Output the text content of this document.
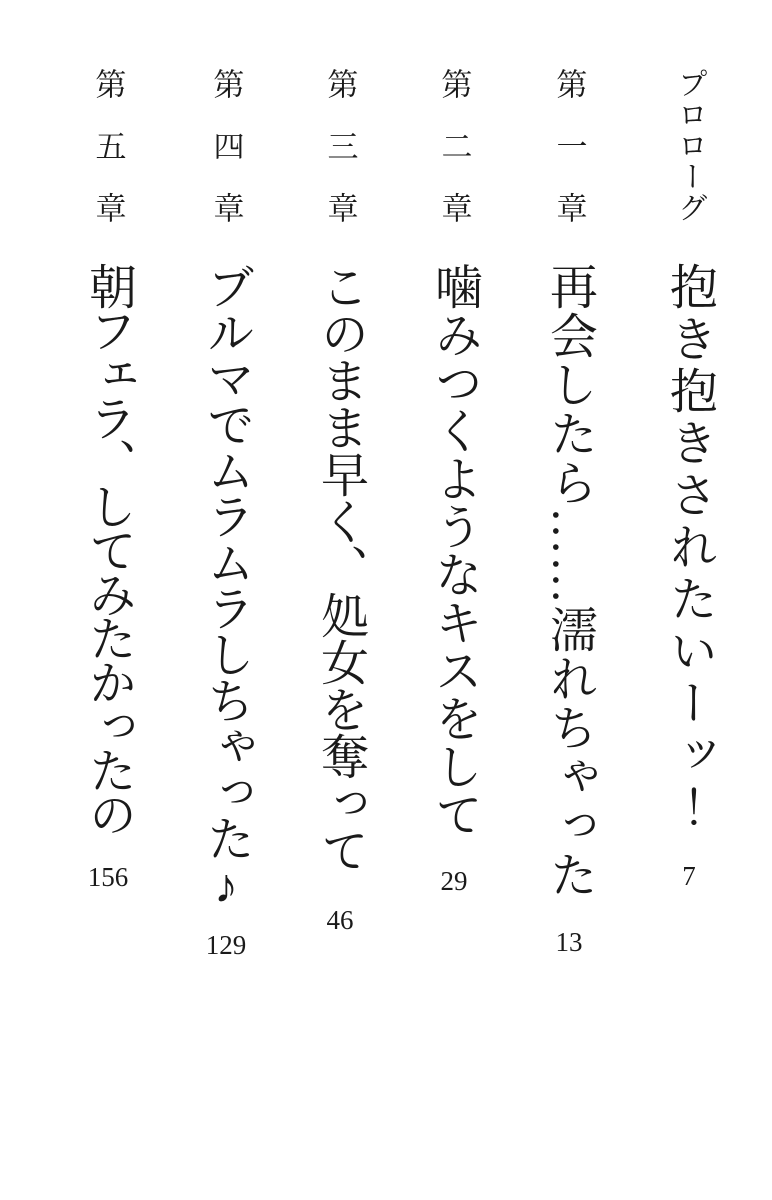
プロローグ
抱き抱きされたいーッ！
7
第一章
再会したら……濡れちゃった
13
第二章
噛みつくようなキスをして
29
第三章
このまま早く、処女を奪って
46
第四章
ブルマでムラムラしちゃった♪
129
第五章
朝フェラ、してみたかったの
156
